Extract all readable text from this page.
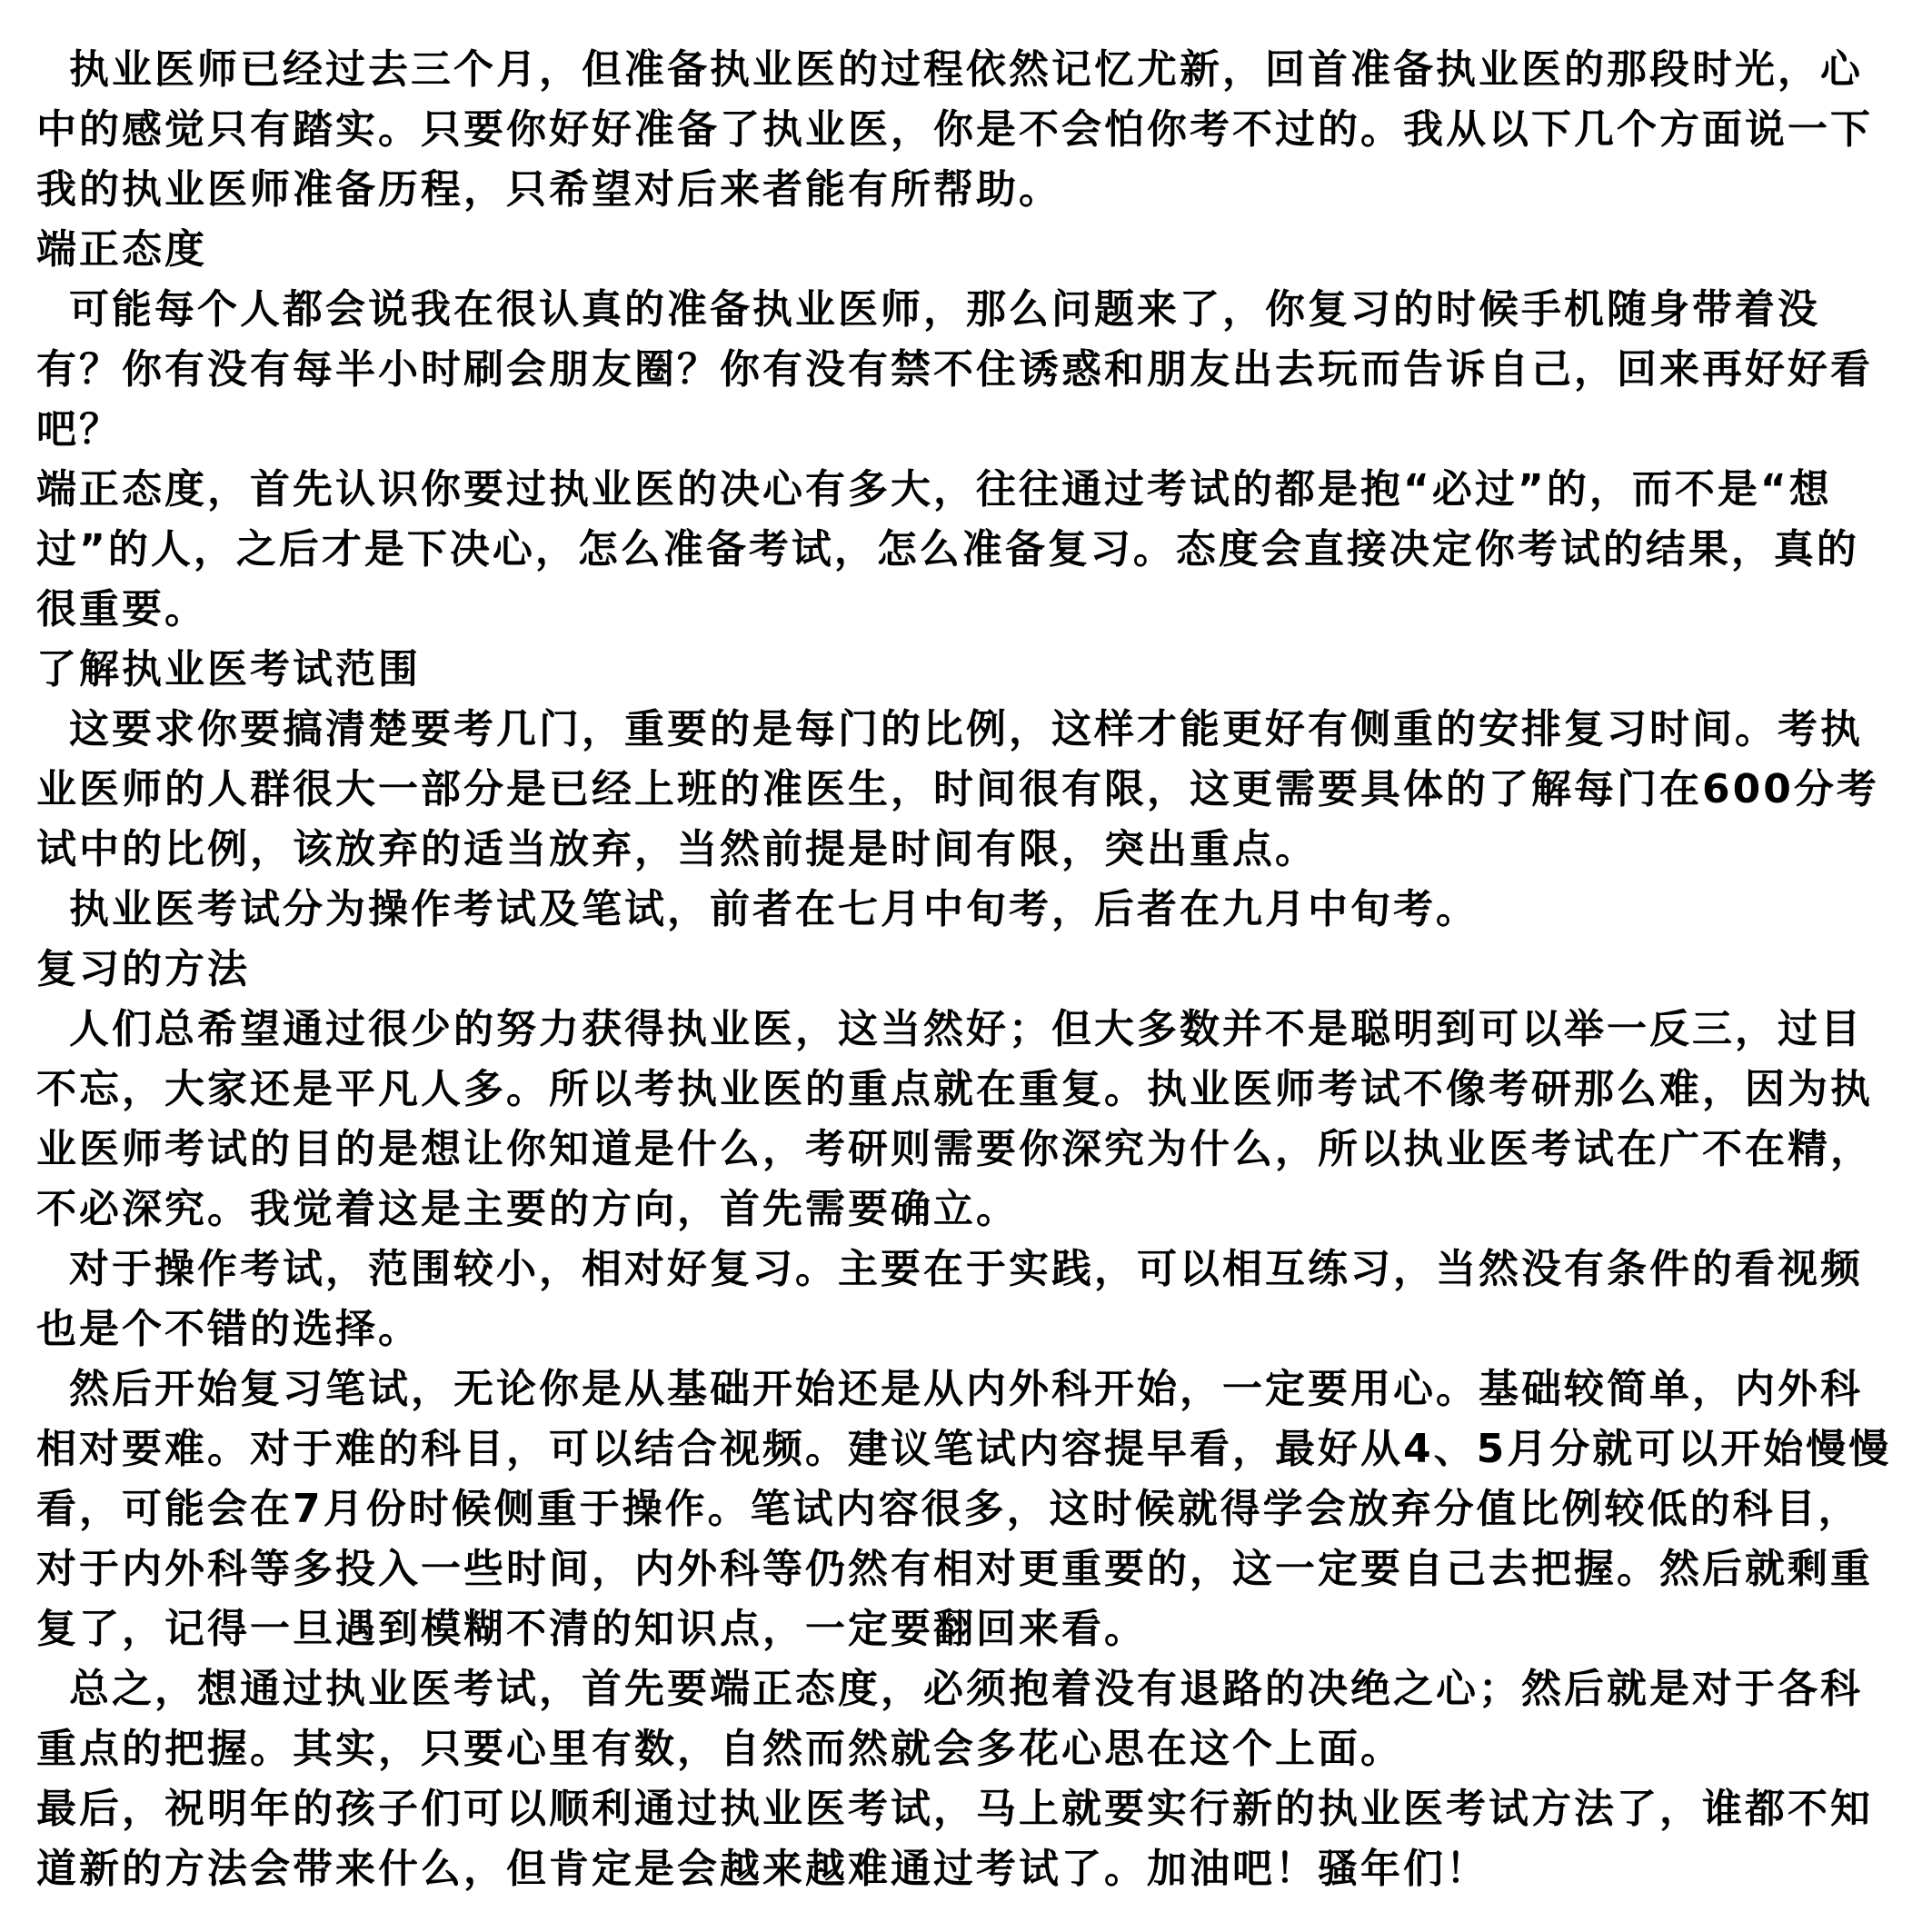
执业医师已经过去三个月，但准备执业医的过程依然记忆尤新，回首准备执业医的那段时光，心中的感觉只有踏实。只要你好好准备了执业医，你是不会怕你考不过的。我从以下几个方面说一下我的执业医师准备历程，只希望对后来者能有所帮助。

端正态度

可能每个人都会说我在很认真的准备执业医师，那么问题来了，你复习的时候手机随身带着没有？你有没有每半小时刷会朋友圈？你有没有禁不住诱惑和朋友出去玩而告诉自己，回来再好好看吧？

端正态度，首先认识你要过执业医的决心有多大，往往通过考试的都是抱“必过”的，而不是“想过”的人，之后才是下决心，怎么准备考试，怎么准备复习。态度会直接决定你考试的结果，真的很重要。

了解执业医考试范围

这要求你要搞清楚要考几门，重要的是每门的比例，这样才能更好有侧重的安排复习时间。考执业医师的人群很大一部分是已经上班的准医生，时间很有限，这更需要具体的了解每门在600分考试中的比例，该放弃的适当放弃，当然前提是时间有限，突出重点。

执业医考试分为操作考试及笔试，前者在七月中旬考，后者在九月中旬考。

复习的方法

人们总希望通过很少的努力获得执业医，这当然好；但大多数并不是聪明到可以举一反三，过目不忘，大家还是平凡人多。所以考执业医的重点就在重复。执业医师考试不像考研那么难，因为执业医师考试的目的是想让你知道是什么，考研则需要你深究为什么，所以执业医考试在广不在精，不必深究。我觉着这是主要的方向，首先需要确立。

对于操作考试，范围较小，相对好复习。主要在于实践，可以相互练习，当然没有条件的看视频也是个不错的选择。

然后开始复习笔试，无论你是从基础开始还是从内外科开始，一定要用心。基础较简单，内外科相对要难。对于难的科目，可以结合视频。建议笔试内容提早看，最好从4、5月分就可以开始慢慢看，可能会在7月份时候侧重于操作。笔试内容很多，这时候就得学会放弃分值比例较低的科目，对于内外科等多投入一些时间，内外科等仍然有相对更重要的，这一定要自己去把握。然后就剩重复了，记得一旦遇到模糊不清的知识点，一定要翻回来看。

总之，想通过执业医考试，首先要端正态度，必须抱着没有退路的决绝之心；然后就是对于各科重点的把握。其实，只要心里有数，自然而然就会多花心思在这个上面。

最后，祝明年的孩子们可以顺利通过执业医考试，马上就要实行新的执业医考试方法了，谁都不知道新的方法会带来什么，但肯定是会越来越难通过考试了。加油吧！骚年们！
